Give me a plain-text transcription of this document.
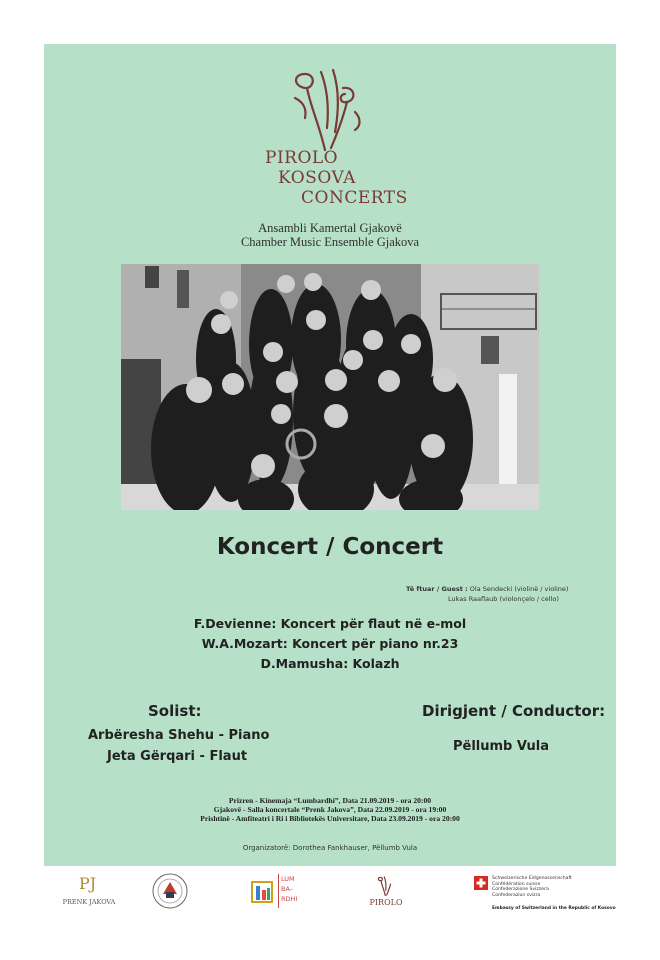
PIROLO
KOSOVA
CONCERTS
Ansambli Kamertal Gjakovë
Chamber Music Ensemble Gjakova
Koncert / Concert
Të ftuar / Guest : Ola Sendecki (violinë / violine)
Lukas Raaflaub (violonçelo / cello)
F.Devienne: Koncert për flaut në e-mol
W.A.Mozart: Koncert për piano nr.23
D.Mamusha: Kolazh
Solist:
Arbëresha Shehu - Piano
Jeta Gërqari - Flaut
Dirigjent / Conductor:
Pëllumb Vula
Prizren - Kinemaja “Lumbardhi”, Data 21.09.2019 - ora 20:00
Gjakovë - Salla koncertale “Prenk Jakova”, Data 22.09.2019 - ora 19:00
Prishtinë - Amfiteatri i Ri i Bibliotekës Universitare, Data 23.09.2019 - ora 20:00
Organizatorë: Dorothea Fankhauser, Pëllumb Vula
PJ
PRENK JAKOVA
LUM
BA–
RDHI	PIROLO
Schweizerische Eidgenossenschaft
Confédération suisse
Confederazione Svizzera
Confederaziun svizra
Embassy of Switzerland in the Republic of Kosovo
